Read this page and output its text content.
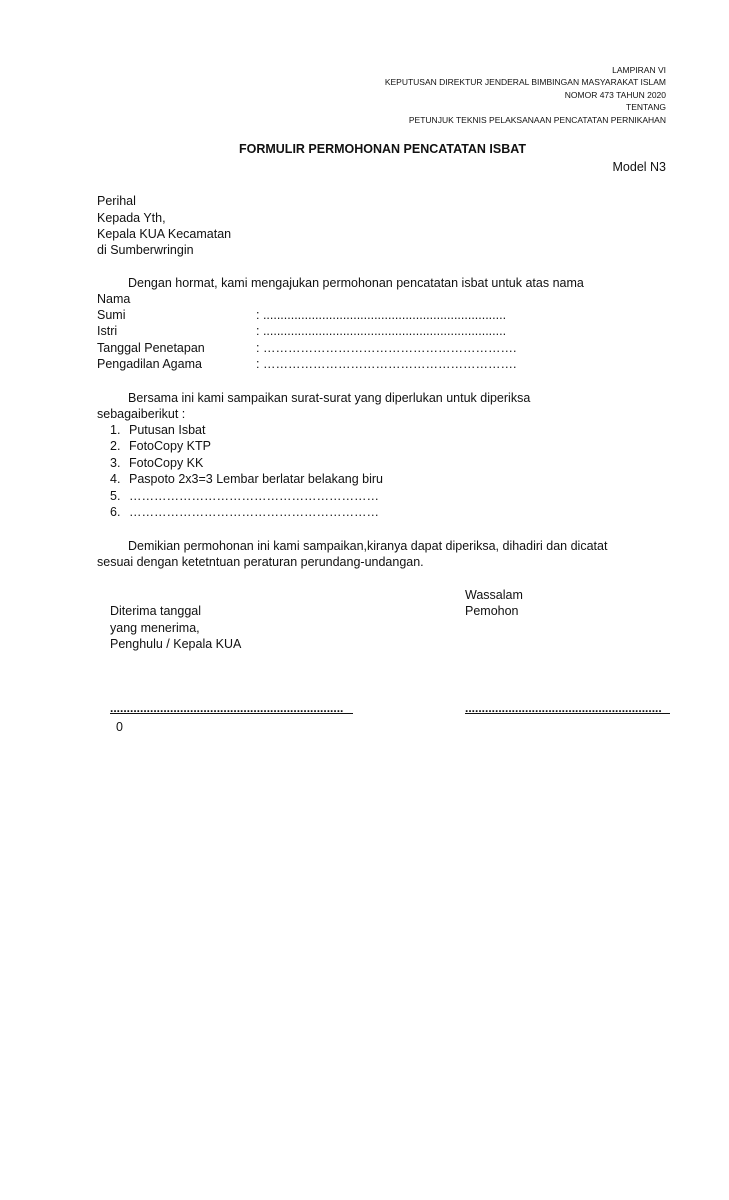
LAMPIRAN VI
KEPUTUSAN DIREKTUR JENDERAL BIMBINGAN MASYARAKAT ISLAM
NOMOR 473 TAHUN 2020
TENTANG
PETUNJUK TEKNIS PELAKSANAAN PENCATATAN PERNIKAHAN
FORMULIR PERMOHONAN PENCATATAN ISBAT
Model N3
Perihal
Kepada Yth,
Kepala KUA Kecamatan
di Sumberwringin
Dengan hormat, kami mengajukan permohonan pencatatan isbat untuk atas nama
Nama
Sumi	: ......................................................................
Istri	: ......................................................................
Tanggal Penetapan	: …………………………………………………….
Pengadilan Agama	: …………………………………………………….
Bersama ini kami sampaikan surat-surat yang diperlukan untuk diperiksa
sebagaiberikut :
1. Putusan Isbat
2. FotoCopy KTP
3. FotoCopy KK
4. Paspoto 2x3=3 Lembar berlatar belakang biru
5. ……………………………………………………
6. ……………………………………………………
Demikian permohonan ini kami sampaikan,kiranya dapat diperiksa, dihadiri dan dicatat
sesuai dengan ketetntuan peraturan perundang-undangan.
Wassalam
Pemohon
Diterima tanggal
yang menerima,
Penghulu / Kepala KUA
......................................................................	...........................................................
0
